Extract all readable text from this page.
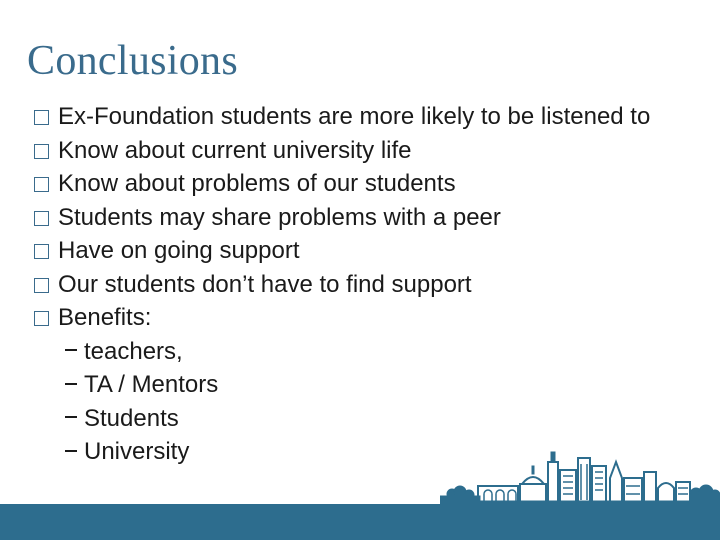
Conclusions
Ex-Foundation students are more likely to be listened to
Know about current university life
Know about problems of our students
Students may share problems with a peer
Have on going support
Our students don’t have to find support
Benefits:
teachers,
TA / Mentors
Students
University
